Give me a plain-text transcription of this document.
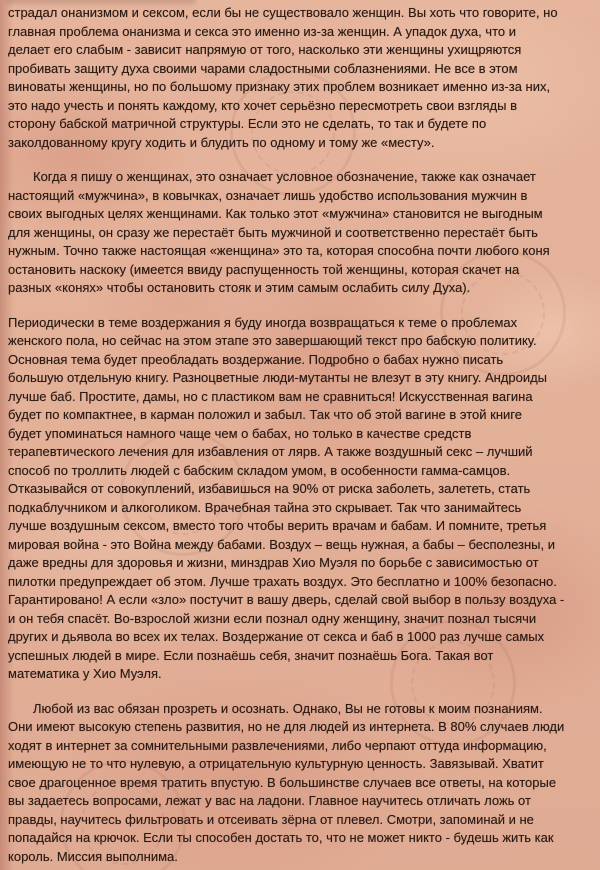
страдал онанизмом и сексом, если бы не существовало женщин. Вы хоть что говорите, но
главная проблема онанизма и секса это именно из-за женщин. А упадок духа, что и
делает его слабым - зависит напрямую от того, насколько эти женщины ухищряются
пробивать защиту духа своими чарами сладостными соблазнениями. Не все в этом
виноваты женщины, но по большому признаку этих проблем возникает именно из-за них,
это надо учесть и понять каждому, кто хочет серьёзно пересмотреть свои взгляды в
сторону бабской матричной структуры. Если это не сделать, то так и будете по
заколдованному кругу ходить и блудить по одному и тому же «месту».
Когда я пишу о женщинах, это означает условное обозначение, также как означает
настоящий «мужчина», в ковычках, означает лишь удобство использования мужчин в
своих выгодных целях женщинами. Как только этот «мужчина» становится не выгодным
для женщины, он сразу же перестаёт быть мужчиной и соответственно перестаёт быть
нужным. Точно также настоящая «женщина» это та, которая способна почти любого коня
остановить наскоку (имеется ввиду распущенность той женщины, которая скачет на
разных «конях» чтобы остановить стояк и этим самым ослабить силу Духа).
Периодически в теме воздержания я буду иногда возвращаться к теме о проблемах
женского пола, но сейчас на этом этапе это завершающий текст про бабскую политику.
Основная тема будет преобладать воздержание. Подробно о бабах нужно писать
большую отдельную книгу. Разноцветные люди-мутанты не влезут в эту книгу. Андроиды
лучше баб. Простите, дамы, но с пластиком вам не сравниться! Искусственная вагина
будет по компактнее, в карман положил и забыл. Так что об этой вагине в этой книге
будет упоминаться намного чаще чем о бабах, но только в качестве средств
терапевтического лечения для избавления от лярв. А также воздушный секс – лучший
способ по троллить людей с бабским складом умом, в особенности гамма-самцов.
Отказывайся от совокуплений, избавишься на 90% от риска заболеть, залететь, стать
подкаблучником и алкоголиком. Врачебная тайна это скрывает. Так что занимайтесь
лучше воздушным сексом, вместо того чтобы верить врачам и бабам. И помните, третья
мировая война - это Война между бабами. Воздух – вещь нужная, а бабы – бесполезны, и
даже вредны для здоровья и жизни, минздрав Хио Муэля по борьбе с зависимостью от
пилотки предупреждает об этом. Лучше трахать воздух. Это бесплатно и 100% безопасно.
Гарантировано! А если «зло» постучит в вашу дверь, сделай свой выбор в пользу воздуха -
и он тебя спасёт. Во-взрослой жизни если познал одну женщину, значит познал тысячи
других и дьявола во всех их телах. Воздержание от секса и баб в 1000 раз лучше самых
успешных людей в мире. Если познаёшь себя, значит познаёшь Бога. Такая вот
математика у Хио Муэля.
Любой из вас обязан прозреть и осознать. Однако, Вы не готовы к моим познаниям.
Они имеют высокую степень развития, но не для людей из интернета. В 80% случаев люди
ходят в интернет за сомнительными развлечениями, либо черпают оттуда информацию,
имеющую не то что нулевую, а отрицательную культурную ценность. Завязывай. Хватит
свое драгоценное время тратить впустую. В большинстве случаев все ответы, на которые
вы задаетесь вопросами, лежат у вас на ладони. Главное научитесь отличать ложь от
правды, научитесь фильтровать и отсеивать зёрна от плевел. Смотри, запоминай и не
попадайся на крючок. Если ты способен достать то, что не может никто - будешь жить как
король. Миссия выполнима.
